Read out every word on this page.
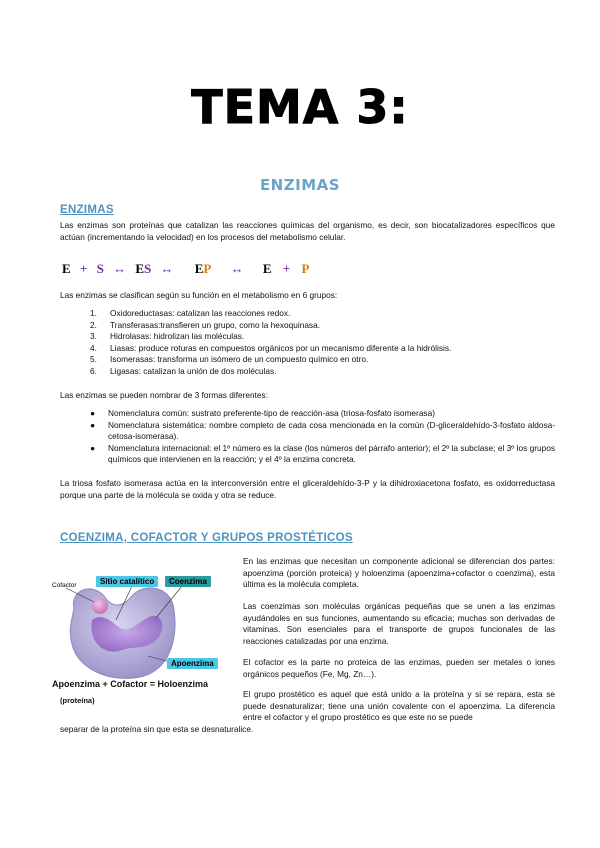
TEMA 3:
ENZIMAS
ENZIMAS

Las enzimas son proteínas que catalizan las reacciones químicas del organismo, es decir, son biocatalizadores específicos que actúan (incrementando la velocidad) en los procesos del metabolismo celular.

E + S ↔ ES ↔ EP ↔ E + P

Las enzimas se clasifican según su función en el metabolismo en 6 grupos:

1. Oxidoreductasas: catalizan las reacciones redox.
2. Transferasas:transfieren un grupo, como la hexoquinasa.
3. Hidrolasas: hidrolizan las moléculas.
4. Liasas: produce roturas en compuestos orgánicos por un mecanismo diferente a la hidrólisis.
5. Isomerasas: transforma un isómero de un compuesto químico en otro.
6. Ligasas: catalizan la unión de dos moléculas.

Las enzimas se pueden nombrar de 3 formas diferentes:

● Nomenclatura común: sustrato preferente-tipo de reacción-asa (triosa-fosfato isomerasa)
● Nomenclatura sistemática: nombre completo de cada cosa mencionada en la común (D-gliceraldehído-3-fosfato aldosa-cetosa-isomerasa).
● Nomenclatura internacional: el 1º número es la clase (los números del párrafo anterior); el 2º la subclase; el 3º los grupos químicos que intervienen en la reacción; y el 4º la enzima concreta.

La triosa fosfato isomerasa actúa en la interconversión entre el gliceraldehído-3-P y la dihidroxiacetona fosfato, es oxidorreductasa porque una parte de la molécula se oxida y otra se reduce.

COENZIMA, COFACTOR Y GRUPOS PROSTÉTICOS
Cofactor	Sitio catalítico	Coenzima
Apoenzima
Apoenzima + Cofactor = Holoenzima
(proteína)

En las enzimas que necesitan un componente adicional se diferencian dos partes: apoenzima (porción proteica) y holoenzima (apoenzima+cofactor o coenzima), esta última es la molécula completa.

Las coenzimas son moléculas orgánicas pequeñas que se unen a las enzimas ayudándoles en sus funciones, aumentando su eficacia; muchas son derivadas de vitaminas. Son esenciales para el transporte de grupos funcionales de las reacciones catalizadas por una enzima.

El cofactor es la parte no proteica de las enzimas, pueden ser metales o iones orgánicos pequeños (Fe, Mg, Zn…).

El grupo prostético es aquel que está unido a la proteína y si se repara, esta se puede desnaturalizar; tiene una unión covalente con el apoenzima. La diferencia entre el cofactor y el grupo prostético es que este no se puede

separar de la proteína sin que esta se desnaturalice.
